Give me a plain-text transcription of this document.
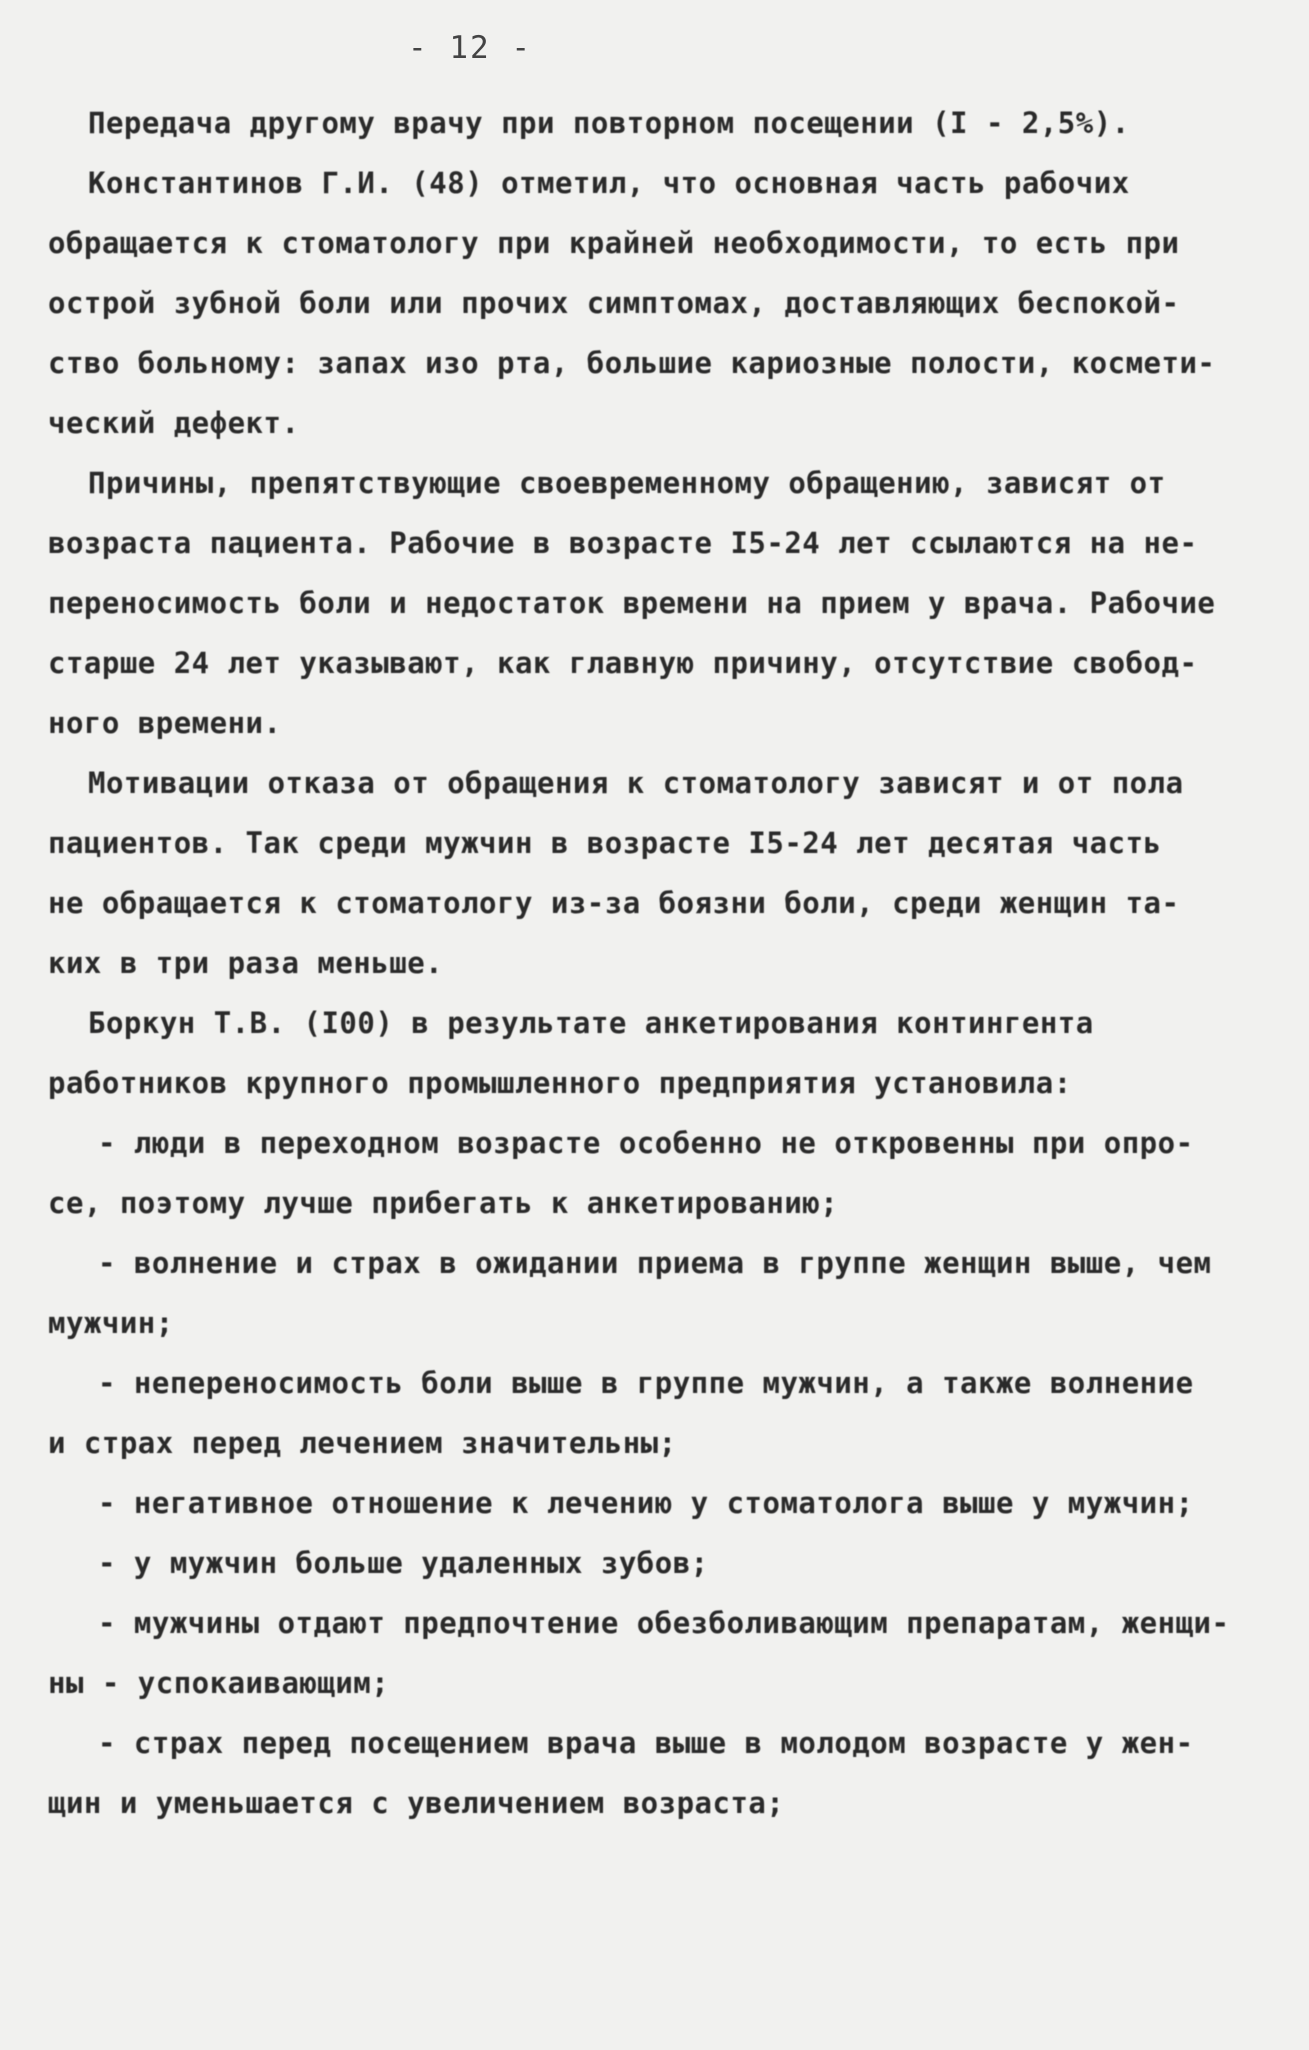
- 12 -
Передача другому врачу при повторном посещении (I - 2,5%).
Константинов Г.И. (48) отметил, что основная часть рабочих
обращается к стоматологу при крайней необходимости, то есть при
острой зубной боли или прочих симптомах, доставляющих беспокой-
ство больному: запах изо рта, большие кариозные полости, космети-
ческий дефект.
Причины, препятствующие своевременному обращению, зависят от
возраста пациента. Рабочие в возрасте I5-24 лет ссылаются на не-
переносимость боли и недостаток времени на прием у врача. Рабочие
старше 24 лет указывают, как главную причину, отсутствие свобод-
ного времени.
Мотивации отказа от обращения к стоматологу зависят и от пола
пациентов. Так среди мужчин в возрасте I5-24 лет десятая часть
не обращается к стоматологу из-за боязни боли, среди женщин та-
ких в три раза меньше.
Боркун Т.В. (I00) в результате анкетирования контингента
работников крупного промышленного предприятия установила:
- люди в переходном возрасте особенно не откровенны при опро-
се, поэтому лучше прибегать к анкетированию;
- волнение и страх в ожидании приема в группе женщин выше, чем
мужчин;
- непереносимость боли выше в группе мужчин, а также волнение
и страх перед лечением значительны;
- негативное отношение к лечению у стоматолога выше у мужчин;
- у мужчин больше удаленных зубов;
- мужчины отдают предпочтение обезболивающим препаратам, женщи-
ны - успокаивающим;
- страх перед посещением врача выше в молодом возрасте у жен-
щин и уменьшается с увеличением возраста;
